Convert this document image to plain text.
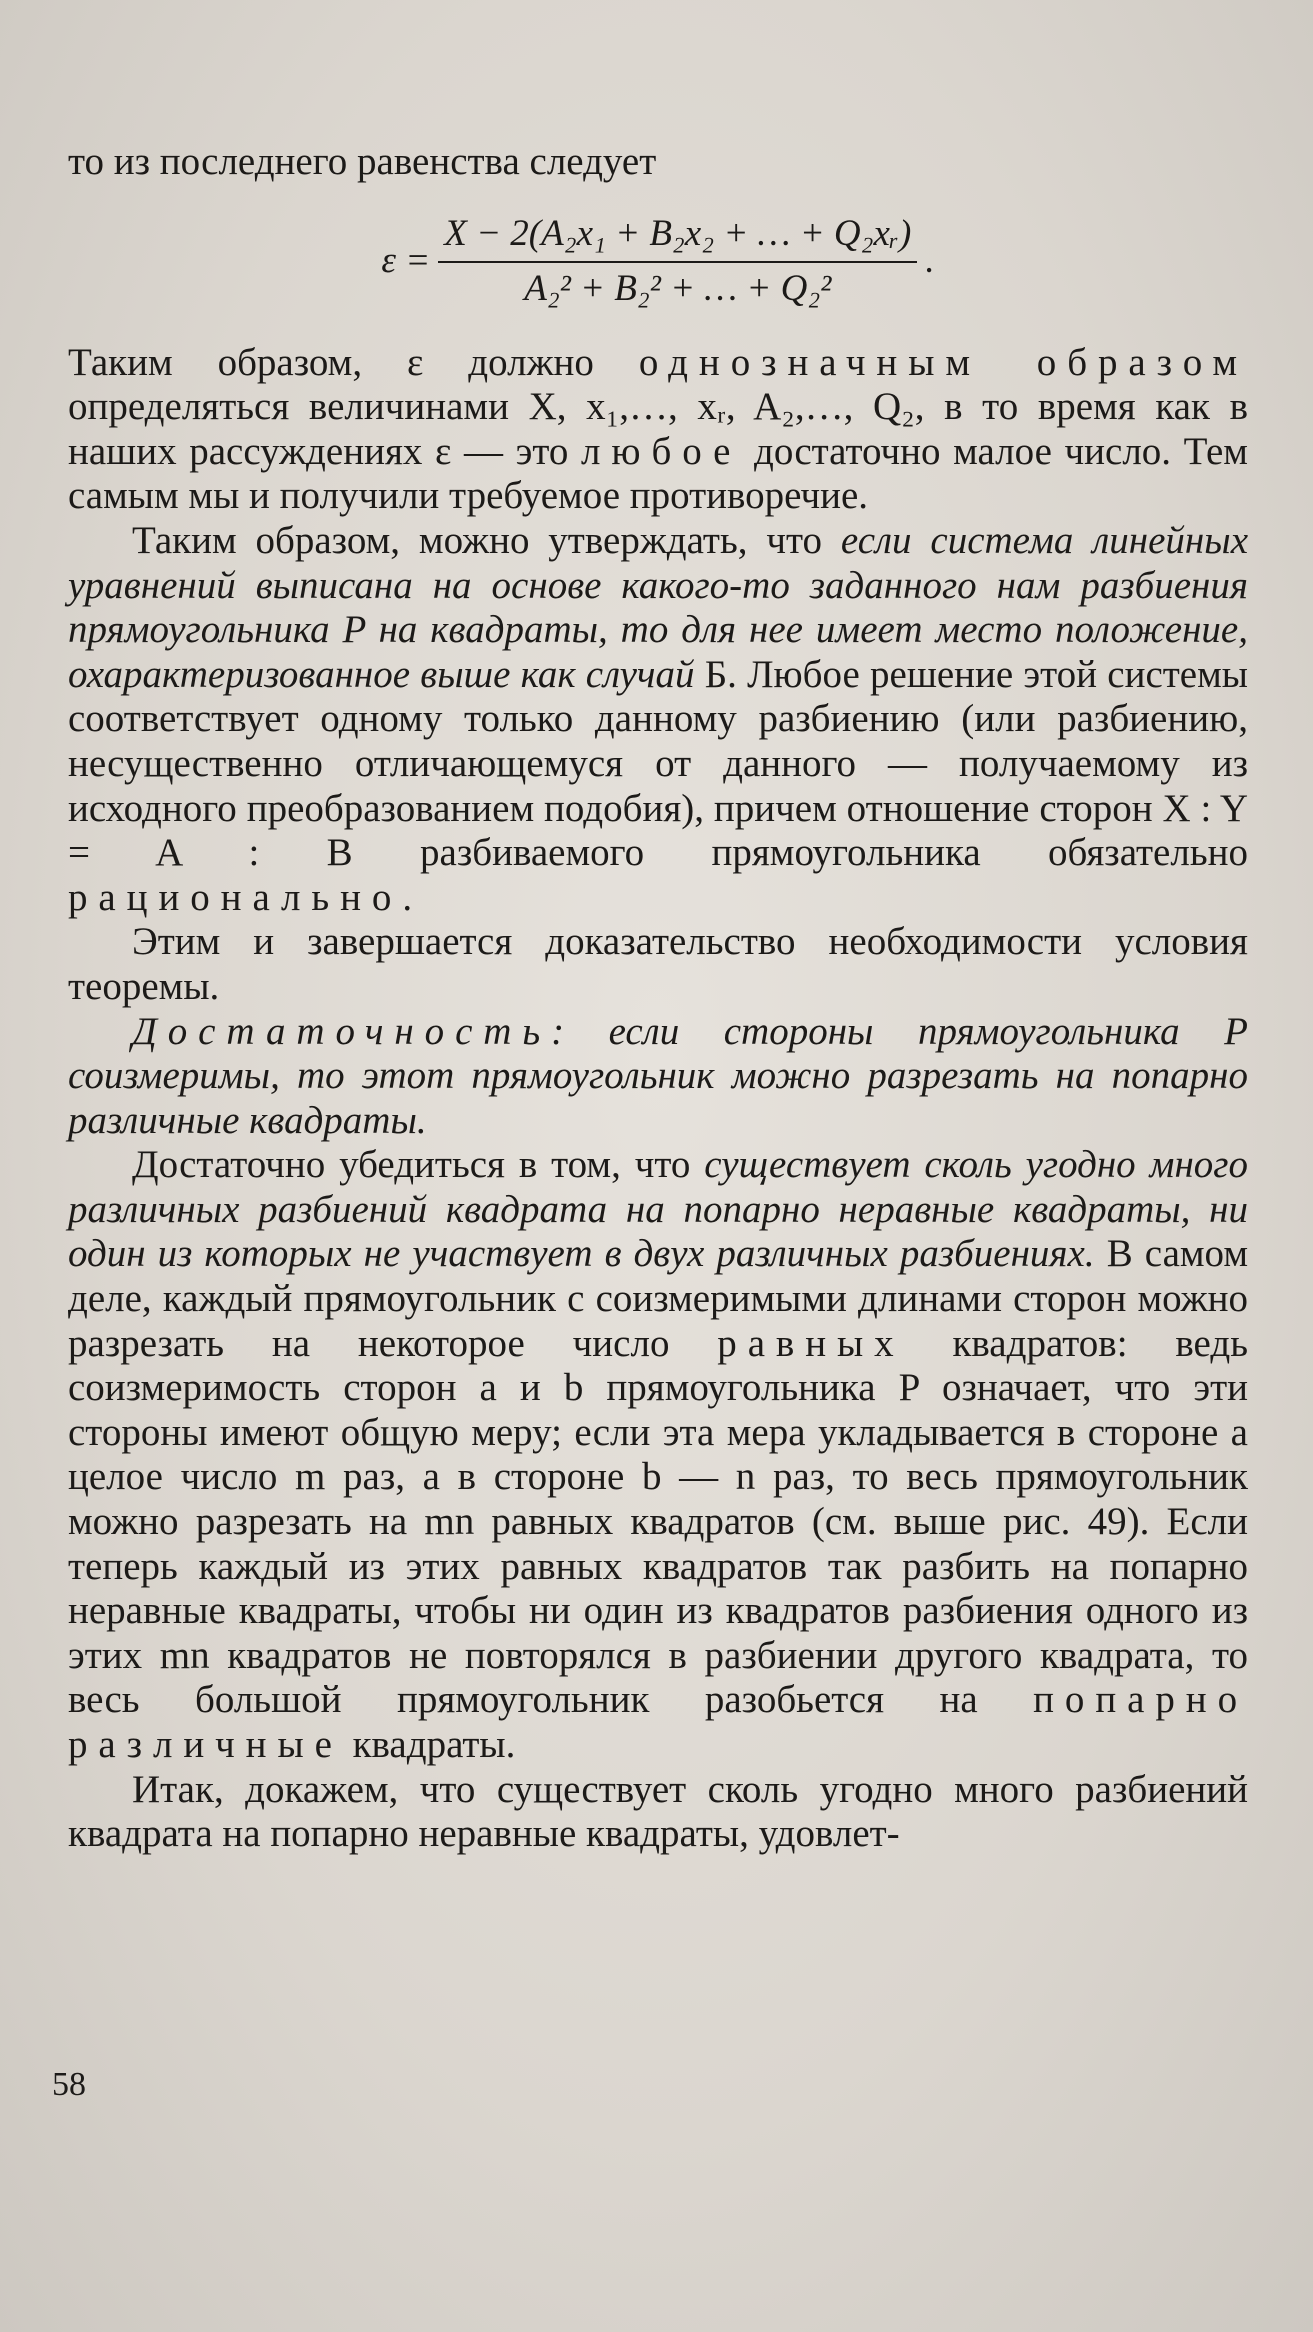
то из последнего равенства следует

$\varepsilon = \frac{\text{X − 2(A₂x₁ + B₂x₂ + … + Q₂xᵣ)}}{\text{A₂² + B₂² + … + Q₂²}}$ .

Таким образом, ε должно однозначным образом определяться величинами X, x₁,…, xᵣ, A₂,…, Q₂, в то время как в наших рассуждениях ε — это любое достаточно малое число. Тем самым мы и получили требуемое противоречие.

Таким образом, можно утверждать, что если система линейных уравнений выписана на основе какого-то заданного нам разбиения прямоугольника P на квадраты, то для нее имеет место положение, охарактеризованное выше как случай Б. Любое решение этой системы соответствует одному только данному разбиению (или разбиению, несущественно отличающемуся от данного — получаемому из исходного преобразованием подобия), причем отношение сторон X : Y = A : B разбиваемого прямоугольника обязательно рационально.

Этим и завершается доказательство необходимости условия теоремы.

Достаточность: если стороны прямоугольника P соизмеримы, то этот прямоугольник можно разрезать на попарно различные квадраты.

Достаточно убедиться в том, что существует сколь угодно много различных разбиений квадрата на попарно неравные квадраты, ни один из которых не участвует в двух различных разбиениях. В самом деле, каждый прямоугольник с соизмеримыми длинами сторон можно разрезать на некоторое число равных квадратов: ведь соизмеримость сторон a и b прямоугольника P означает, что эти стороны имеют общую меру; если эта мера укладывается в стороне a целое число m раз, а в стороне b — n раз, то весь прямоугольник можно разрезать на mn равных квадратов (см. выше рис. 49). Если теперь каждый из этих равных квадратов так разбить на попарно неравные квадраты, чтобы ни один из квадратов разбиения одного из этих mn квадратов не повторялся в разбиении другого квадрата, то весь большой прямоугольник разобьется на попарно различные квадраты.

Итак, докажем, что существует сколь угодно много разбиений квадрата на попарно неравные квадраты, удовлет-

58
